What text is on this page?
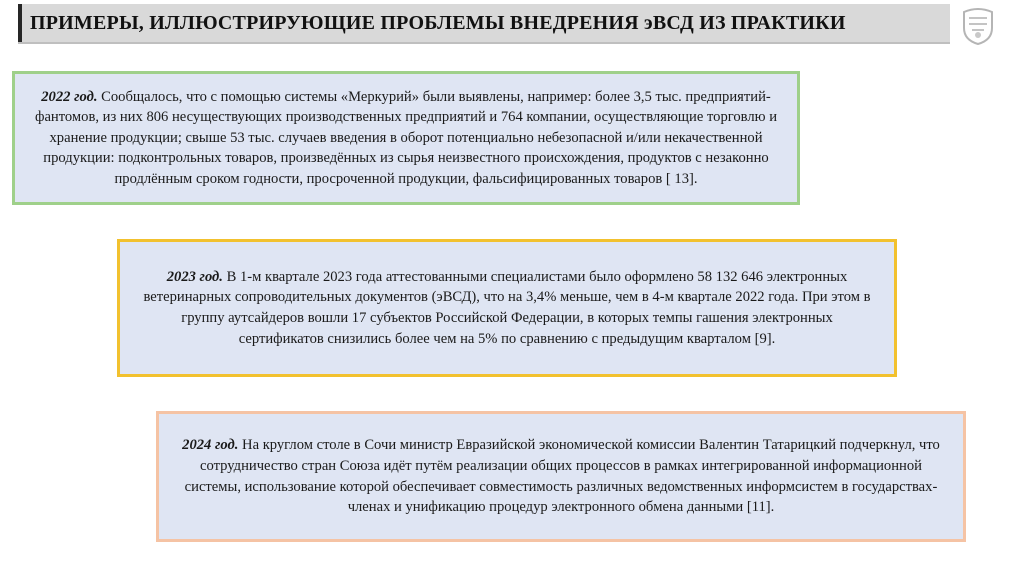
ПРИМЕРЫ, ИЛЛЮСТРИРУЮЩИЕ ПРОБЛЕМЫ ВНЕДРЕНИЯ эВСД ИЗ ПРАКТИКИ

2022 год. Сообщалось, что с помощью системы «Меркурий» были выявлены, например: более 3,5 тыс. предприятий-фантомов, из них 806 несуществующих производственных предприятий и 764 компании, осуществляющие торговлю и хранение продукции; свыше 53 тыс. случаев введения в оборот потенциально небезопасной и/или некачественной продукции: подконтрольных товаров, произведённых из сырья неизвестного происхождения, продуктов с незаконно продлённым сроком годности, просроченной продукции, фальсифицированных товаров [ 13].

2023 год. В 1-м квартале 2023 года аттестованными специалистами было оформлено 58 132 646 электронных ветеринарных сопроводительных документов (эВСД), что на 3,4% меньше, чем в 4-м квартале 2022 года. При этом в группу аутсайдеров вошли 17 субъектов Российской Федерации, в которых темпы гашения электронных сертификатов снизились более чем на 5% по сравнению с предыдущим кварталом [9].

2024 год. На круглом столе в Сочи министр Евразийской экономической комиссии Валентин Татарицкий подчеркнул, что сотрудничество стран Союза идёт путём реализации общих процессов в рамках интегрированной информационной системы, использование которой обеспечивает совместимость различных ведомственных информсистем в государствах-членах и унификацию процедур электронного обмена данными [11].
